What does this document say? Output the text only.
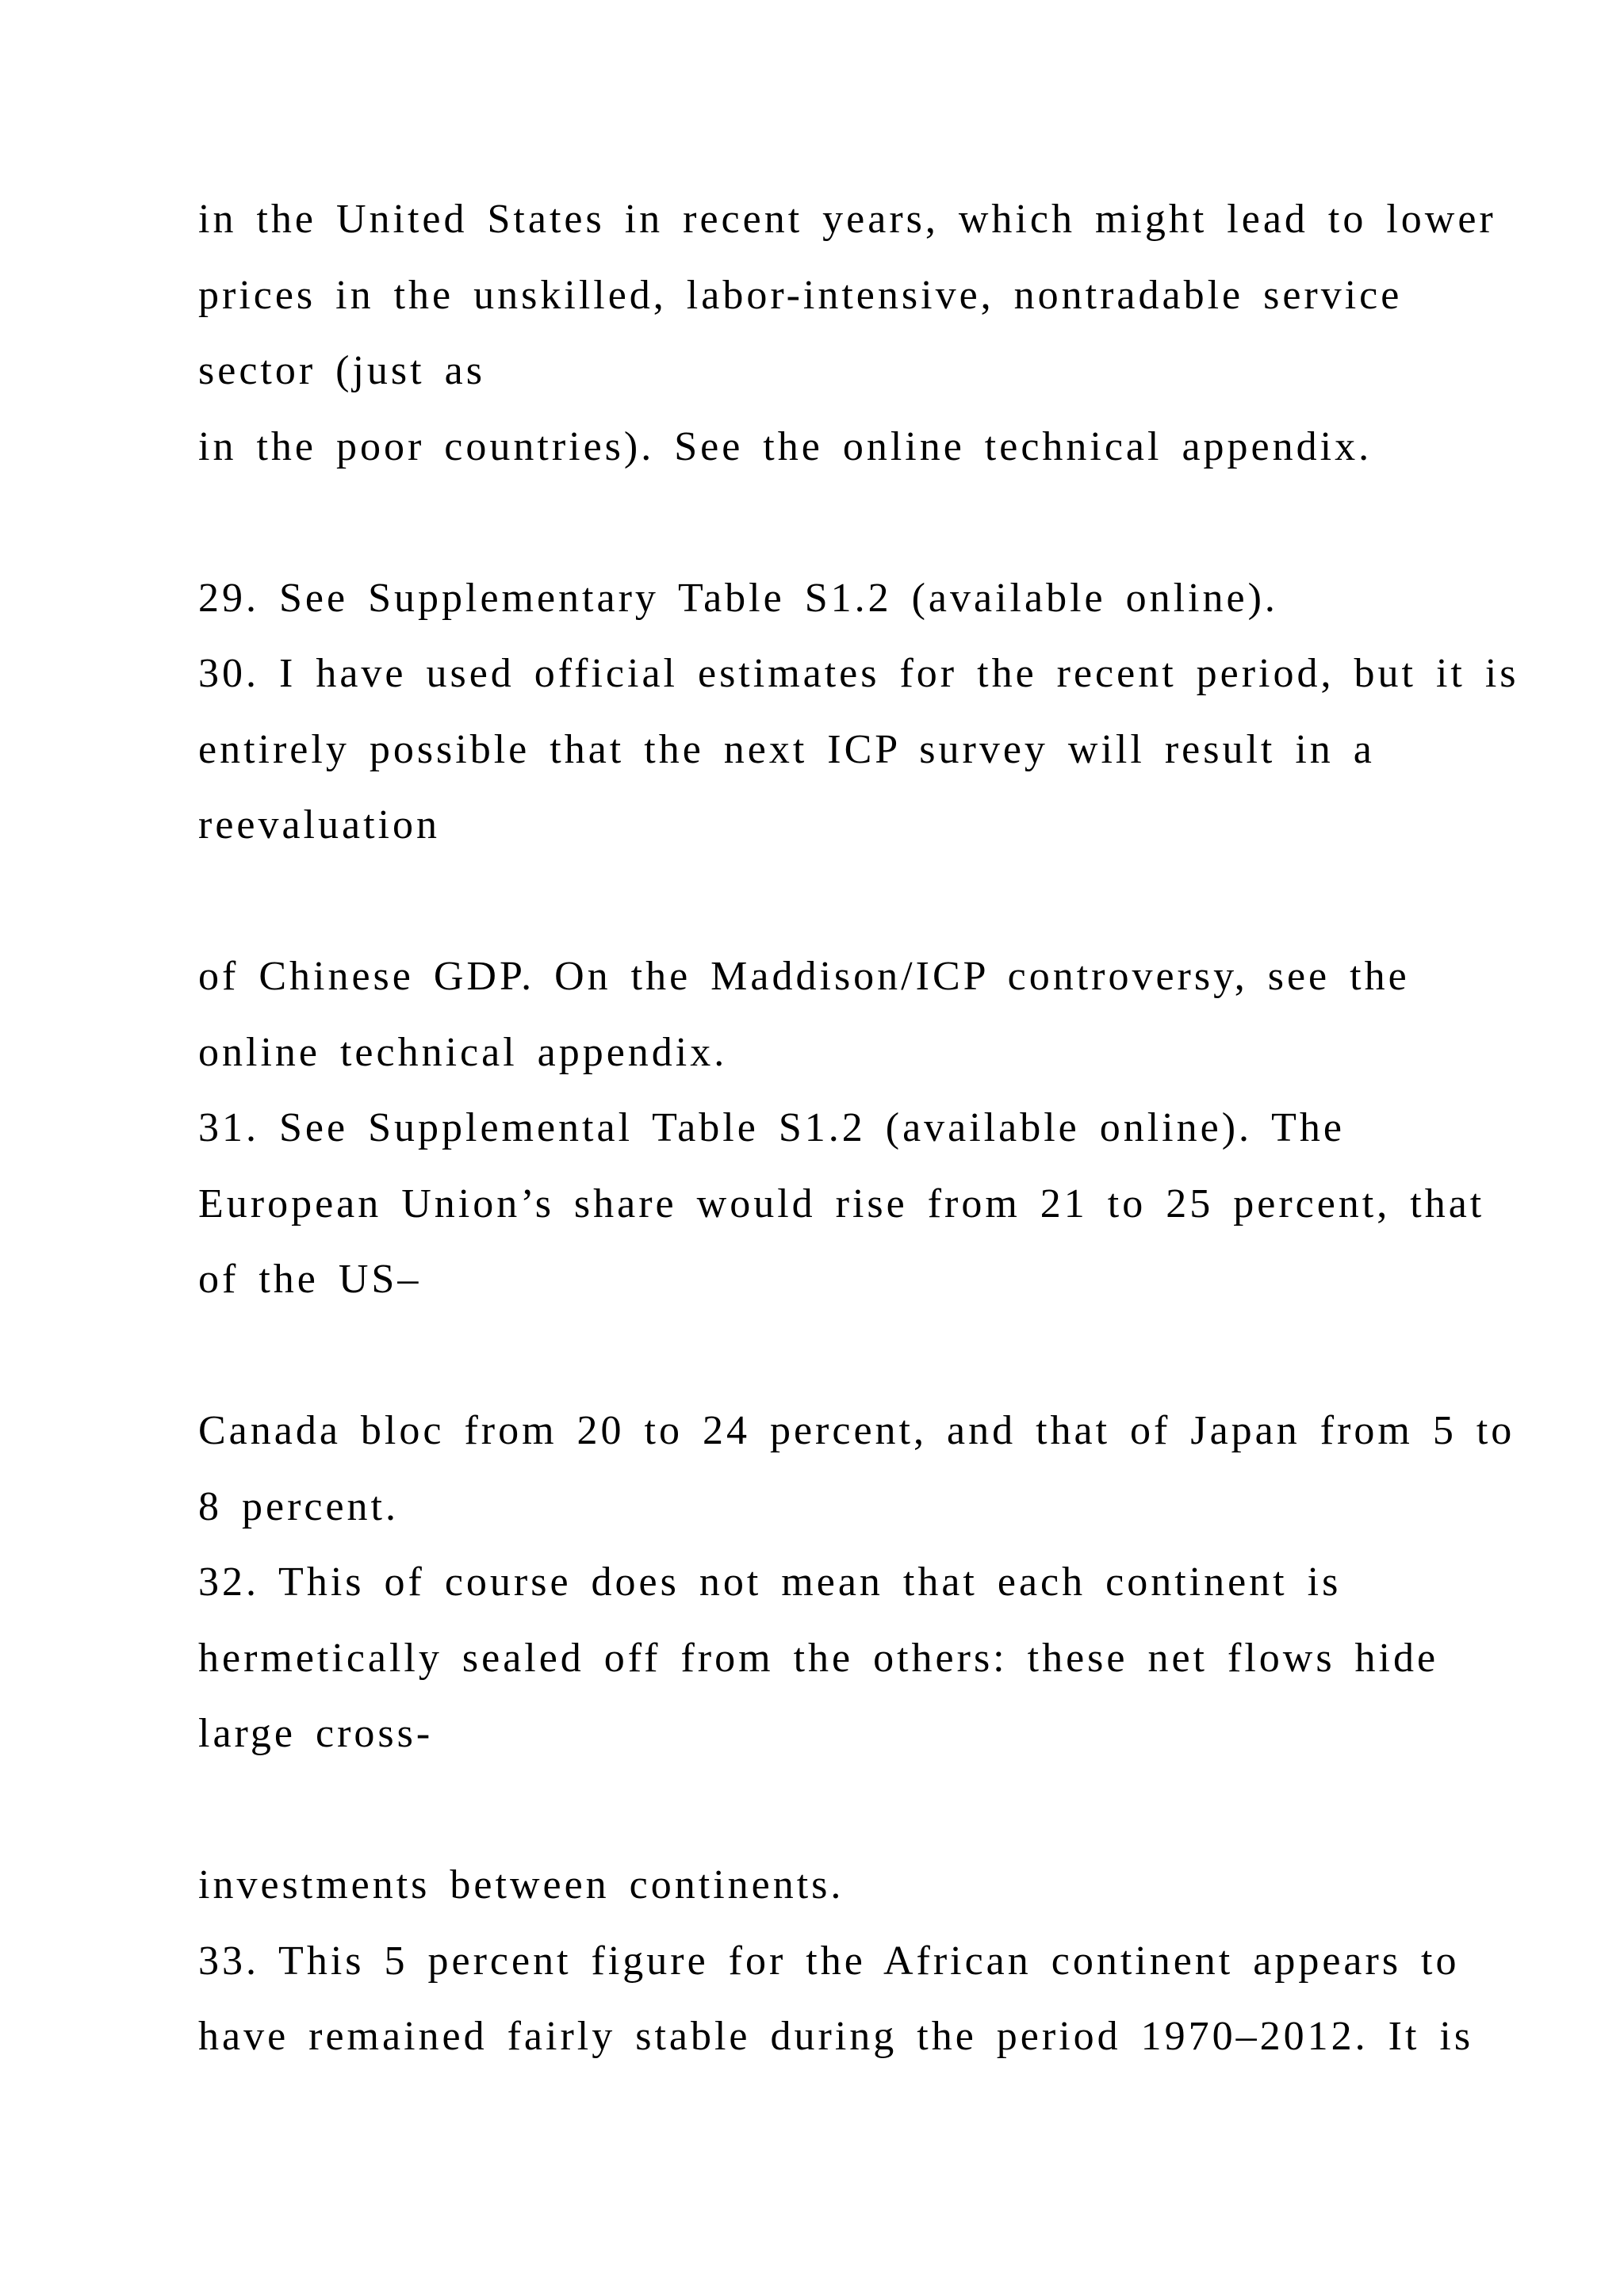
in the United States in recent years, which might lead to lower
prices in the unskilled, labor-intensive, nontradable service
sector (just as
in the poor countries). See the online technical appendix.
29. See Supplementary Table S1.2 (available online).
30. I have used official estimates for the recent period, but it is
entirely possible that the next ICP survey will result in a
reevaluation
of Chinese GDP. On the Maddison/ICP controversy, see the
online technical appendix.
31. See Supplemental Table S1.2 (available online). The
European Union’s share would rise from 21 to 25 percent, that
of the US–
Canada bloc from 20 to 24 percent, and that of Japan from 5 to
8 percent.
32. This of course does not mean that each continent is
hermetically sealed off from the others: these net flows hide
large cross-
investments between continents.
33. This 5 percent figure for the African continent appears to
have remained fairly stable during the period 1970–2012. It is
